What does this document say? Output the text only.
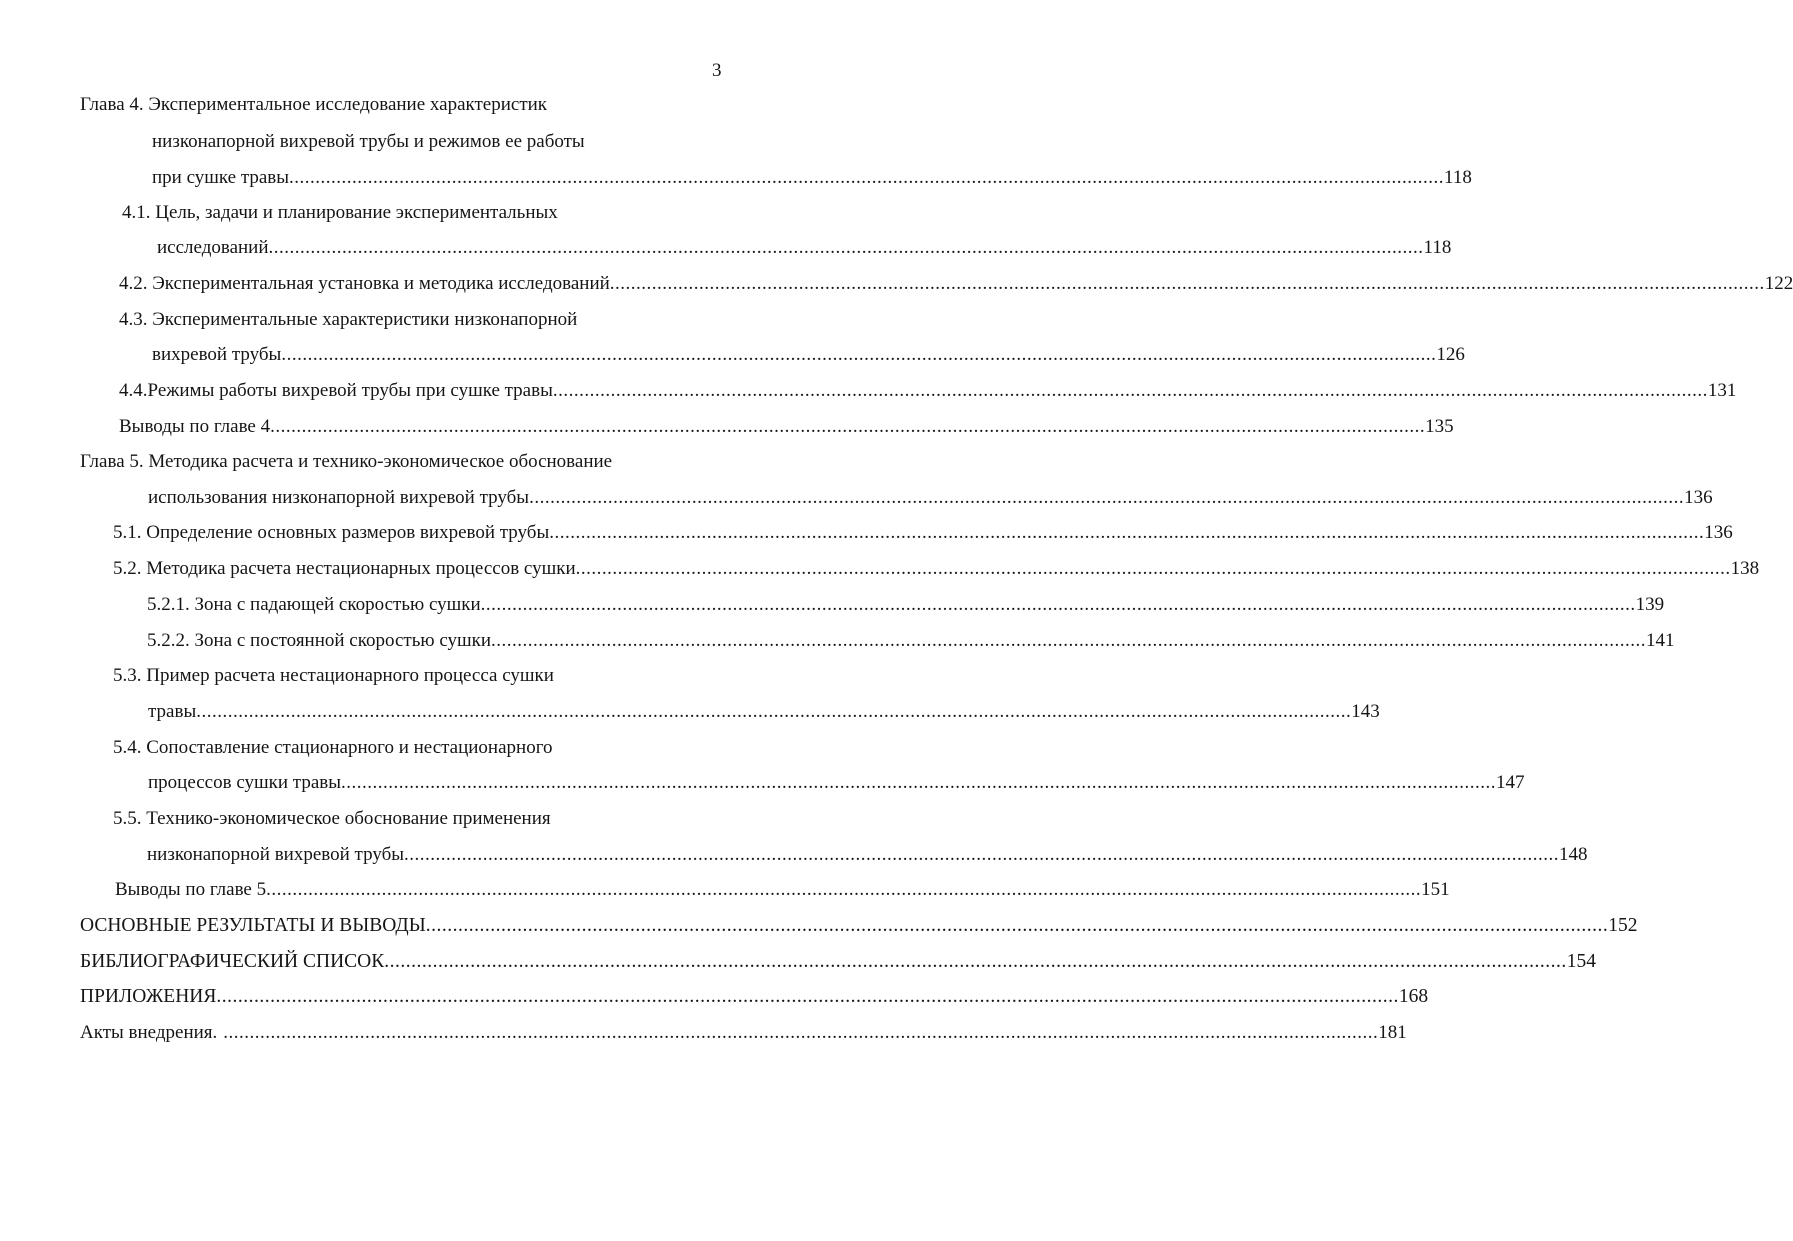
3
Глава 4. Экспериментальное исследование характеристик
низконапорной вихревой трубы и режимов ее работы
при сушке травы ............................................................................................................................................................................................................................ 118
4.1. Цель, задачи и планирование экспериментальных
исследований ............................................................................................................................................................................................................................ 118
4.2. Экспериментальная установка и методика исследований ............................................................................................................................................................................................................................ 122
4.3. Экспериментальные характеристики низконапорной
вихревой трубы ............................................................................................................................................................................................................................ 126
4.4.Режимы работы вихревой трубы при сушке травы ............................................................................................................................................................................................................................ 131
Выводы по главе 4 ............................................................................................................................................................................................................................ 135
Глава 5. Методика расчета и технико-экономическое обоснование
использования низконапорной вихревой трубы ............................................................................................................................................................................................................................ 136
5.1. Определение основных размеров вихревой трубы ............................................................................................................................................................................................................................ 136
5.2. Методика расчета нестационарных процессов сушки ............................................................................................................................................................................................................................ 138
5.2.1. Зона с падающей скоростью сушки ............................................................................................................................................................................................................................ 139
5.2.2. Зона с постоянной скоростью сушки ............................................................................................................................................................................................................................ 141
5.3. Пример расчета нестационарного процесса сушки
травы ............................................................................................................................................................................................................................ 143
5.4. Сопоставление стационарного и нестационарного
процессов сушки травы ............................................................................................................................................................................................................................ 147
5.5. Технико-экономическое обоснование применения
низконапорной вихревой трубы ............................................................................................................................................................................................................................ 148
Выводы по главе 5 ............................................................................................................................................................................................................................ 151
ОСНОВНЫЕ РЕЗУЛЬТАТЫ И ВЫВОДЫ ............................................................................................................................................................................................................................ 152
БИБЛИОГРАФИЧЕСКИЙ СПИСОК ............................................................................................................................................................................................................................ 154
ПРИЛОЖЕНИЯ ............................................................................................................................................................................................................................ 168
Акты внедрения. ............................................................................................................................................................................................................................ 181
